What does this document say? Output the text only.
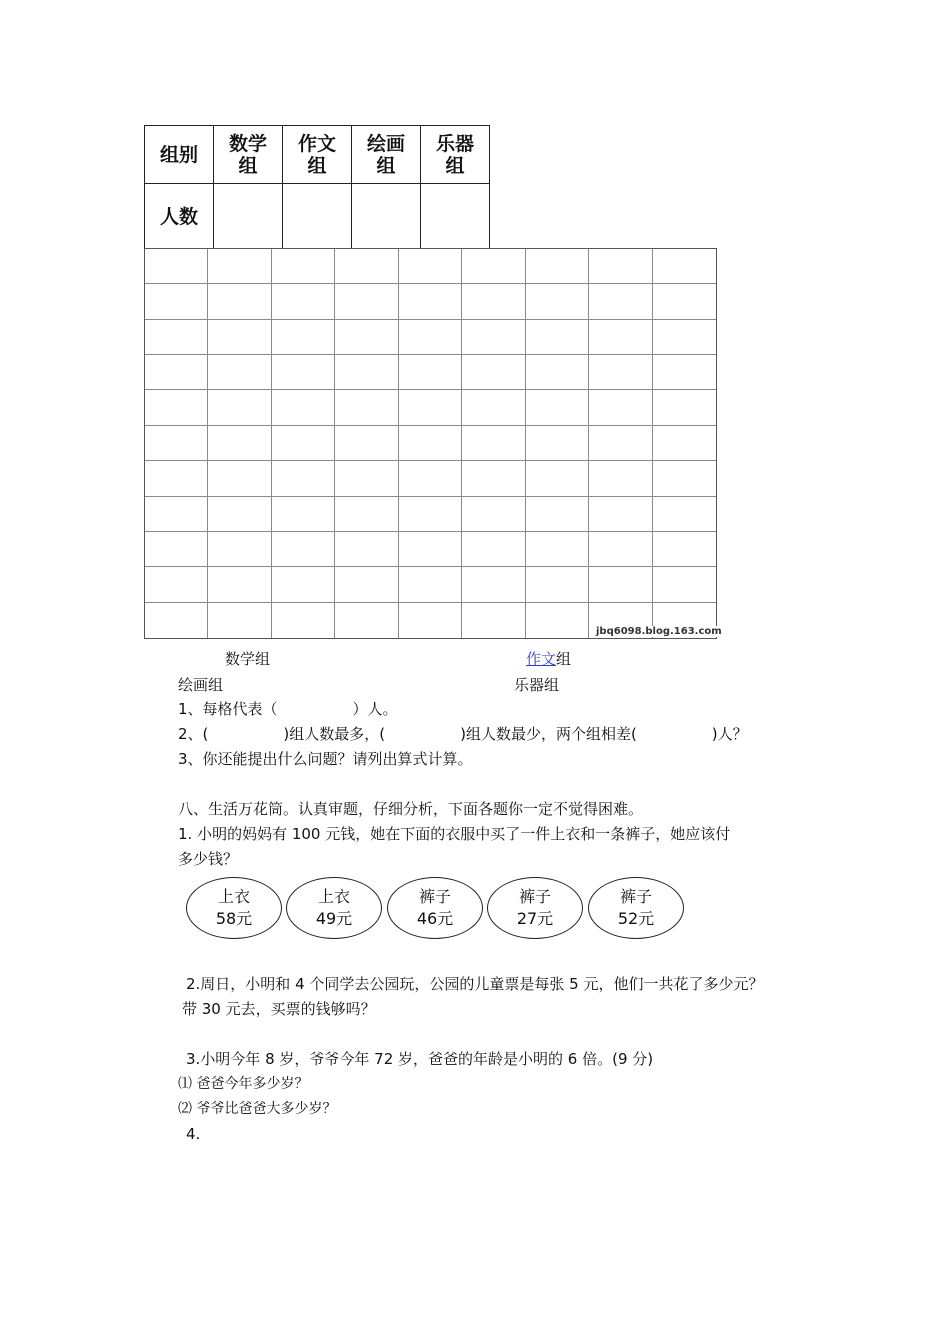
组别	数学组	作文组	绘画组	乐器组
人数				
jbq6098.blog.163.com
数学组	作文组
绘画组	乐器组
1、每格代表（　　　　　）人。
2、(　　　　　)组人数最多，(　　　　　)组人数最少，两个组相差(　　　　　)人？
3、你还能提出什么问题？请列出算式计算。
八、生活万花筒。认真审题，仔细分析，下面各题你一定不觉得困难。
1. 小明的妈妈有 100 元钱，她在下面的衣服中买了一件上衣和一条裤子，她应该付
多少钱？
上衣
58元
上衣
49元
裤子
46元
裤子
27元
裤子
52元
2.周日，小明和 4 个同学去公园玩，公园的儿童票是每张 5 元，他们一共花了多少元？
带 30 元去，买票的钱够吗？
3.小明今年 8 岁，爷爷今年 72 岁，爸爸的年龄是小明的 6 倍。(9 分)
⑴ 爸爸今年多少岁？
⑵ 爷爷比爸爸大多少岁？
4.
